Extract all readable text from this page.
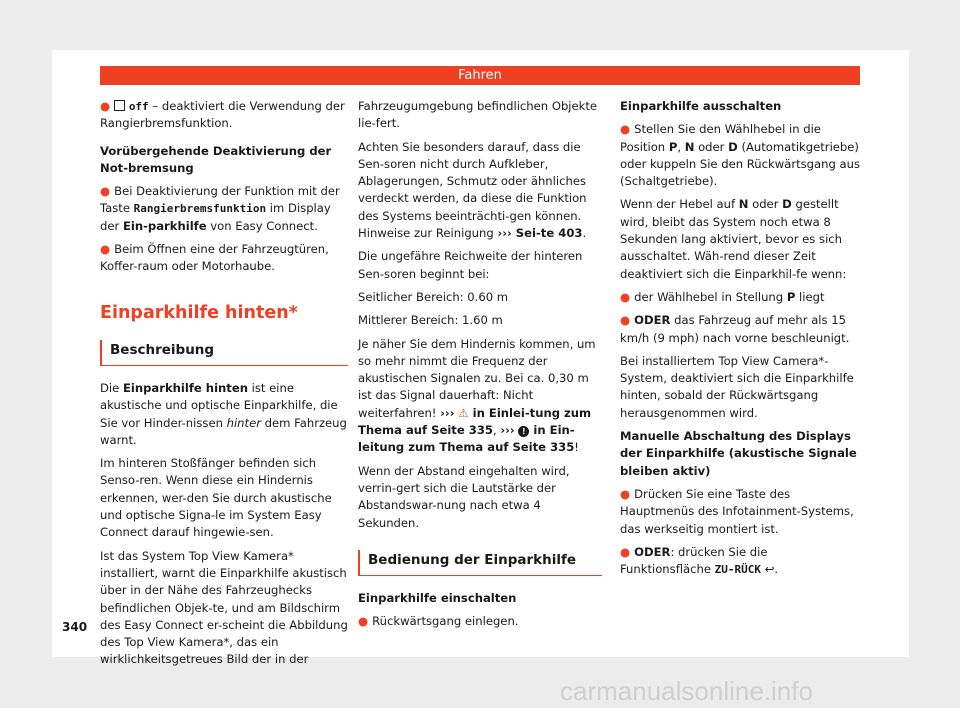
Fahren

● off – deaktiviert die Verwendung der Rangierbremsfunktion.

Vorübergehende Deaktivierung der Not-bremsung

● Bei Deaktivierung der Funktion mit der Taste Rangierbremsfunktion im Display der Ein-parkhilfe von Easy Connect.

● Beim Öffnen eine der Fahrzeugtüren, Koffer-raum oder Motorhaube.

Einparkhilfe hinten*

Beschreibung

Die Einparkhilfe hinten ist eine akustische und optische Einparkhilfe, die Sie vor Hinder-nissen hinter dem Fahrzeug warnt.

Im hinteren Stoßfänger befinden sich Senso-ren. Wenn diese ein Hindernis erkennen, wer-den Sie durch akustische und optische Signa-le im System Easy Connect darauf hingewie-sen.

Ist das System Top View Kamera* installiert, warnt die Einparkhilfe akustisch über in der Nähe des Fahrzeughecks befindlichen Objek-te, und am Bildschirm des Easy Connect er-scheint die Abbildung des Top View Kamera*, das ein wirklichkeitsgetreues Bild der in der

Fahrzeugumgebung befindlichen Objekte lie-fert.

Achten Sie besonders darauf, dass die Sen-soren nicht durch Aufkleber, Ablagerungen, Schmutz oder ähnliches verdeckt werden, da diese die Funktion des Systems beeinträchti-gen können. Hinweise zur Reinigung ››› Sei-te 403.

Die ungefähre Reichweite der hinteren Sen-soren beginnt bei:

Seitlicher Bereich: 0.60 m

Mittlerer Bereich: 1.60 m

Je näher Sie dem Hindernis kommen, um so mehr nimmt die Frequenz der akustischen Signalen zu. Bei ca. 0,30 m ist das Signal dauerhaft: Nicht weiterfahren! ››› ⚠ in Einlei-tung zum Thema auf Seite 335, ››› ! in Ein-leitung zum Thema auf Seite 335!

Wenn der Abstand eingehalten wird, verrin-gert sich die Lautstärke der Abstandswar-nung nach etwa 4 Sekunden.

Bedienung der Einparkhilfe

Einparkhilfe einschalten

● Rückwärtsgang einlegen.

Einparkhilfe ausschalten

● Stellen Sie den Wählhebel in die Position P, N oder D (Automatikgetriebe) oder kuppeln Sie den Rückwärtsgang aus (Schaltgetriebe).

Wenn der Hebel auf N oder D gestellt wird, bleibt das System noch etwa 8 Sekunden lang aktiviert, bevor es sich ausschaltet. Wäh-rend dieser Zeit deaktiviert sich die Einparkhil-fe wenn:

● der Wählhebel in Stellung P liegt

● ODER das Fahrzeug auf mehr als 15 km/h (9 mph) nach vorne beschleunigt.

Bei installiertem Top View Camera*-System, deaktiviert sich die Einparkhilfe hinten, sobald der Rückwärtsgang herausgenommen wird.

Manuelle Abschaltung des Displays der Einparkhilfe (akustische Signale bleiben aktiv)

● Drücken Sie eine Taste des Hauptmenüs des Infotainment-Systems, das werkseitig montiert ist.

● ODER: drücken Sie die Funktionsfläche ZU-RÜCK ↩.

340
carmanualsonline.info
